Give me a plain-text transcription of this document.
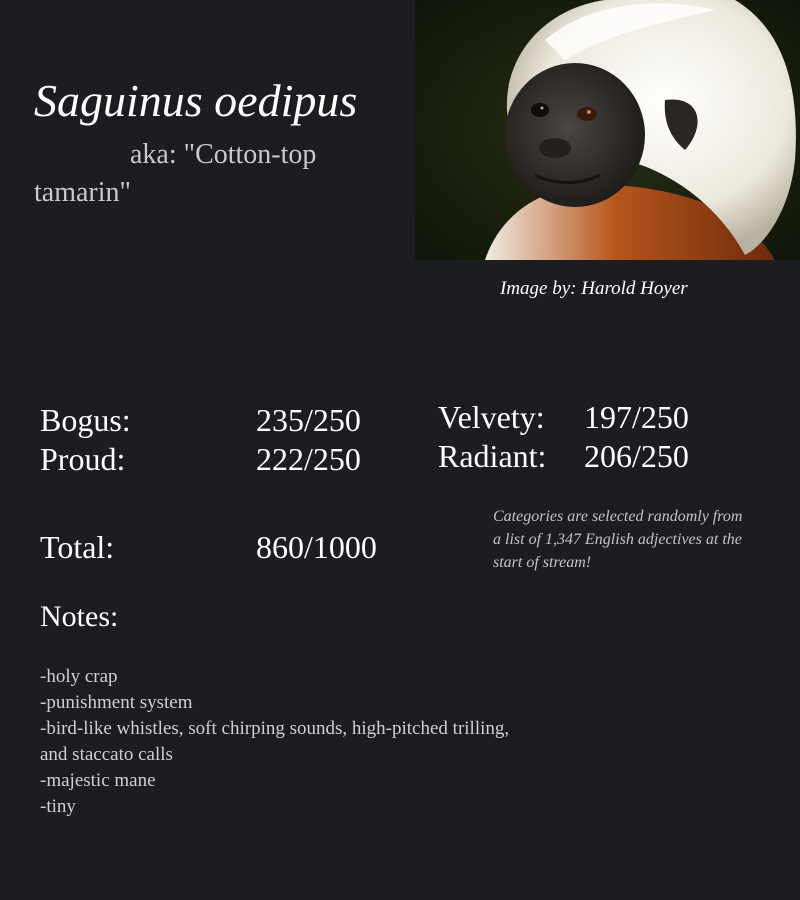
Saguinus oedipus
aka: "Cotton-top tamarin"
Image by: Harold Hoyer
Bogus:	235/250
Proud:	222/250
Velvety: 197/250
Radiant: 206/250
Total:	860/1000
Categories are selected randomly from a list of 1,347 English adjectives at the start of stream!
Notes:
-holy crap
-punishment system
-bird-like whistles, soft chirping sounds, high-pitched trilling, and staccato calls
-majestic mane
-tiny
